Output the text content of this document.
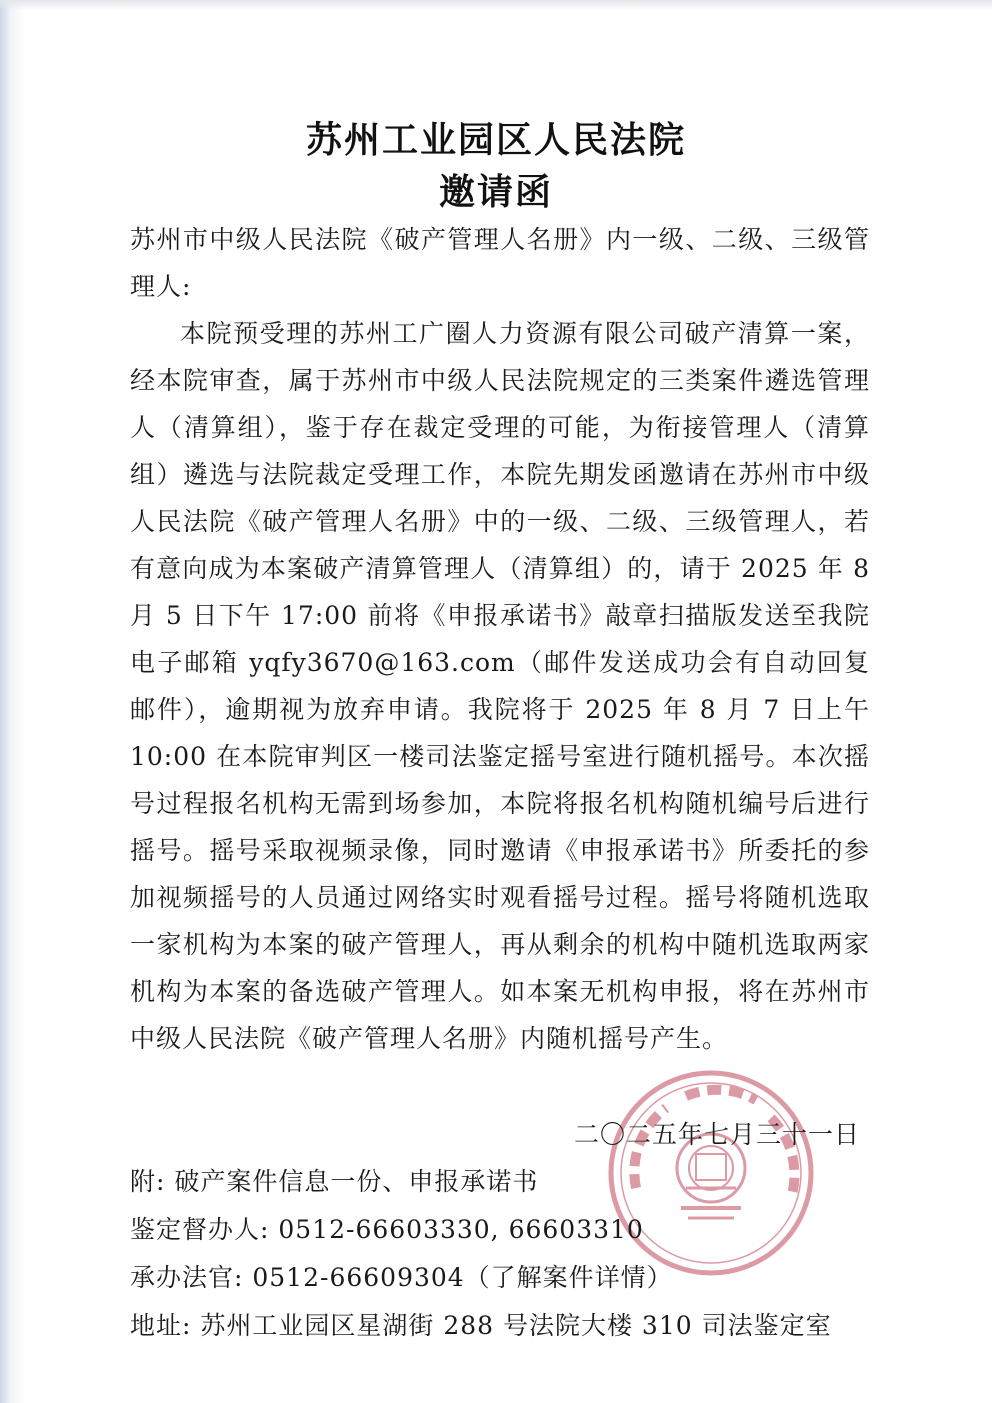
苏州工业园区人民法院
邀请函

苏州市中级人民法院《破产管理人名册》内一级、二级、三级管理人:

本院预受理的苏州工广圈人力资源有限公司破产清算一案，经本院审查，属于苏州市中级人民法院规定的三类案件遴选管理人（清算组），鉴于存在裁定受理的可能，为衔接管理人（清算组）遴选与法院裁定受理工作，本院先期发函邀请在苏州市中级人民法院《破产管理人名册》中的一级、二级、三级管理人，若有意向成为本案破产清算管理人（清算组）的，请于 2025 年 8 月 5 日下午 17:00 前将《申报承诺书》敲章扫描版发送至我院电子邮箱 yqfy3670@163.com（邮件发送成功会有自动回复邮件），逾期视为放弃申请。我院将于 2025 年 8 月 7 日上午 10:00 在本院审判区一楼司法鉴定摇号室进行随机摇号。本次摇号过程报名机构无需到场参加，本院将报名机构随机编号后进行摇号。摇号采取视频录像，同时邀请《申报承诺书》所委托的参加视频摇号的人员通过网络实时观看摇号过程。摇号将随机选取一家机构为本案的破产管理人，再从剩余的机构中随机选取两家机构为本案的备选破产管理人。如本案无机构申报，将在苏州市中级人民法院《破产管理人名册》内随机摇号产生。

二〇二五年七月三十一日
附: 破产案件信息一份、申报承诺书
鉴定督办人: 0512-66603330, 66603310
承办法官: 0512-66609304（了解案件详情）
地址: 苏州工业园区星湖街 288 号法院大楼 310 司法鉴定室
